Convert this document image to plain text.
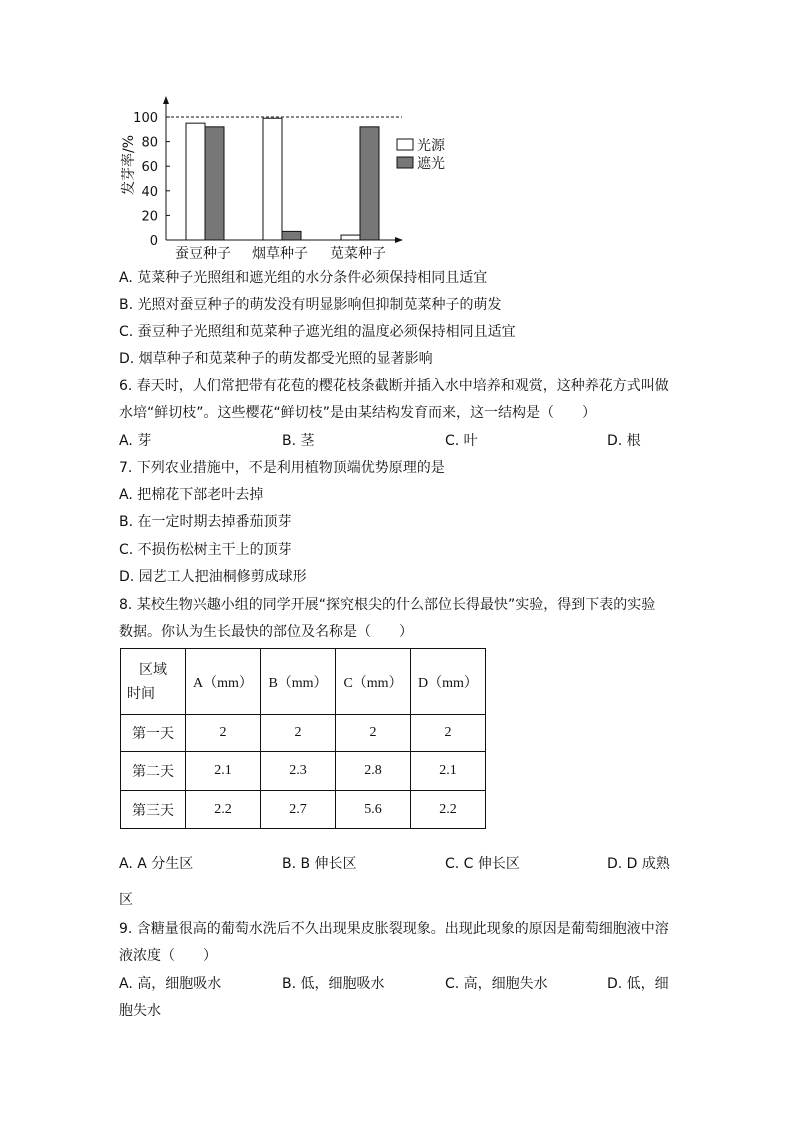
0
20
40
60
80
100
发芽率/%
蚕豆种子 烟草种子 苋菜种子
光源
遮光
A. 苋菜种子光照组和遮光组的水分条件必须保持相同且适宜
B. 光照对蚕豆种子的萌发没有明显影响但抑制苋菜种子的萌发
C. 蚕豆种子光照组和苋菜种子遮光组的温度必须保持相同且适宜
D. 烟草种子和苋菜种子的萌发都受光照的显著影响
6. 春天时，人们常把带有花苞的樱花枝条截断并插入水中培养和观赏，这种养花方式叫做
水培“鲜切枝”。这些樱花“鲜切枝”是由某结构发育而来，这一结构是（　　）
A. 芽	B. 茎	C. 叶	D. 根
7. 下列农业措施中，不是利用植物顶端优势原理的是
A. 把棉花下部老叶去掉
B. 在一定时期去掉番茄顶芽
C. 不损伤松树主干上的顶芽
D. 园艺工人把油桐修剪成球形
8. 某校生物兴趣小组的同学开展“探究根尖的什么部位长得最快”实验，得到下表的实验
数据。你认为生长最快的部位及名称是（　　）
区域
时间	A（mm）	B（mm）	C（mm）	D（mm）
第一天	2	2	2	2
第二天	2.1	2.3	2.8	2.1
第三天	2.2	2.7	5.6	2.2
A. A 分生区	B. B 伸长区	C. C 伸长区	D. D 成熟
区
9. 含糖量很高的葡萄水洗后不久出现果皮胀裂现象。出现此现象的原因是葡萄细胞液中溶
液浓度（　　）
A. 高，细胞吸水	B. 低，细胞吸水	C. 高，细胞失水	D. 低，细
胞失水
